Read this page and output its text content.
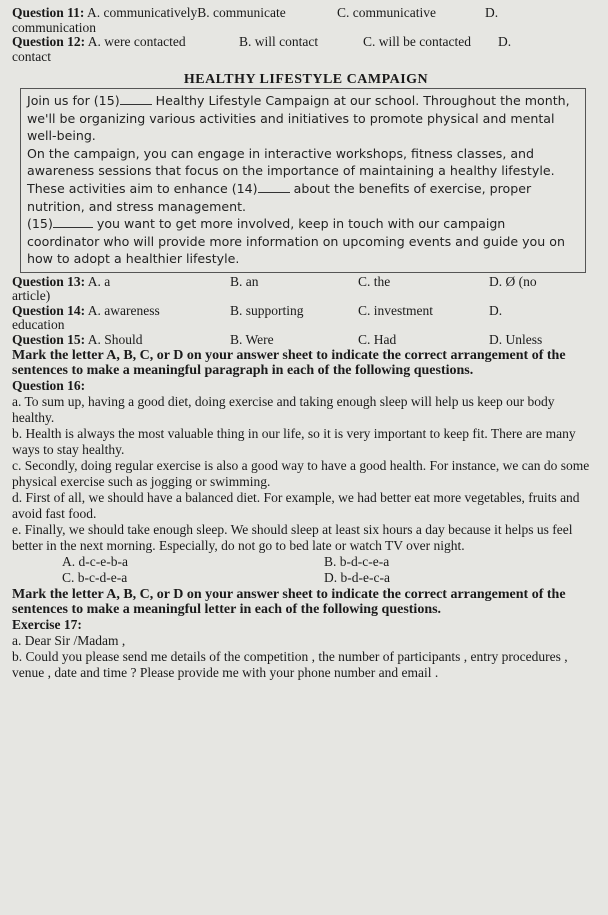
Question 11: A. communicativelyB. communicate	C. communicative	D.

communication

Question 12: A. were contacted	B. will contact	C. will be contacted	D.

contact

HEALTHY LIFESTYLE CAMPAIGN

Join us for (15)	Healthy Lifestyle Campaign at our school. Throughout the month, we'll be organizing various activities and initiatives to promote physical and mental well-being.

On the campaign, you can engage in interactive workshops, fitness classes, and awareness sessions that focus on the importance of maintaining a healthy lifestyle.

These activities aim to enhance (14)	about the benefits of exercise, proper nutrition, and stress management.

(15)	you want to get more involved, keep in touch with our campaign coordinator who will provide more information on upcoming events and guide you on how to adopt a healthier lifestyle.

Question 13: A. a	B. an	C. the	D. Ø (no

article)

Question 14: A. awareness	B. supporting	C. investment	D.

education

Question 15: A. Should	B. Were	C. Had	D. Unless

Mark the letter A, B, C, or D on your answer sheet to indicate the correct arrangement of the sentences to make a meaningful paragraph in each of the following questions.

Question 16:

a. To sum up, having a good diet, doing exercise and taking enough sleep will help us keep our body healthy.

b. Health is always the most valuable thing in our life, so it is very important to keep fit. There are many ways to stay healthy.

c. Secondly, doing regular exercise is also a good way to have a good health. For instance, we can do some physical exercise such as jogging or swimming.

d. First of all, we should have a balanced diet. For example, we had better eat more vegetables, fruits and avoid fast food.

e. Finally, we should take enough sleep. We should sleep at least six hours a day because it helps us feel better in the next morning. Especially, do not go to bed late or watch TV over night.

A. d-c-e-b-a	B. b-d-c-e-a
C. b-c-d-e-a	D. b-d-e-c-a

Mark the letter A, B, C, or D on your answer sheet to indicate the correct arrangement of the sentences to make a meaningful letter in each of the following questions.

Exercise 17:

a. Dear Sir /Madam ,

b. Could you please send me details of the competition , the number of participants , entry procedures , venue , date and time ? Please provide me with your phone number and email .
